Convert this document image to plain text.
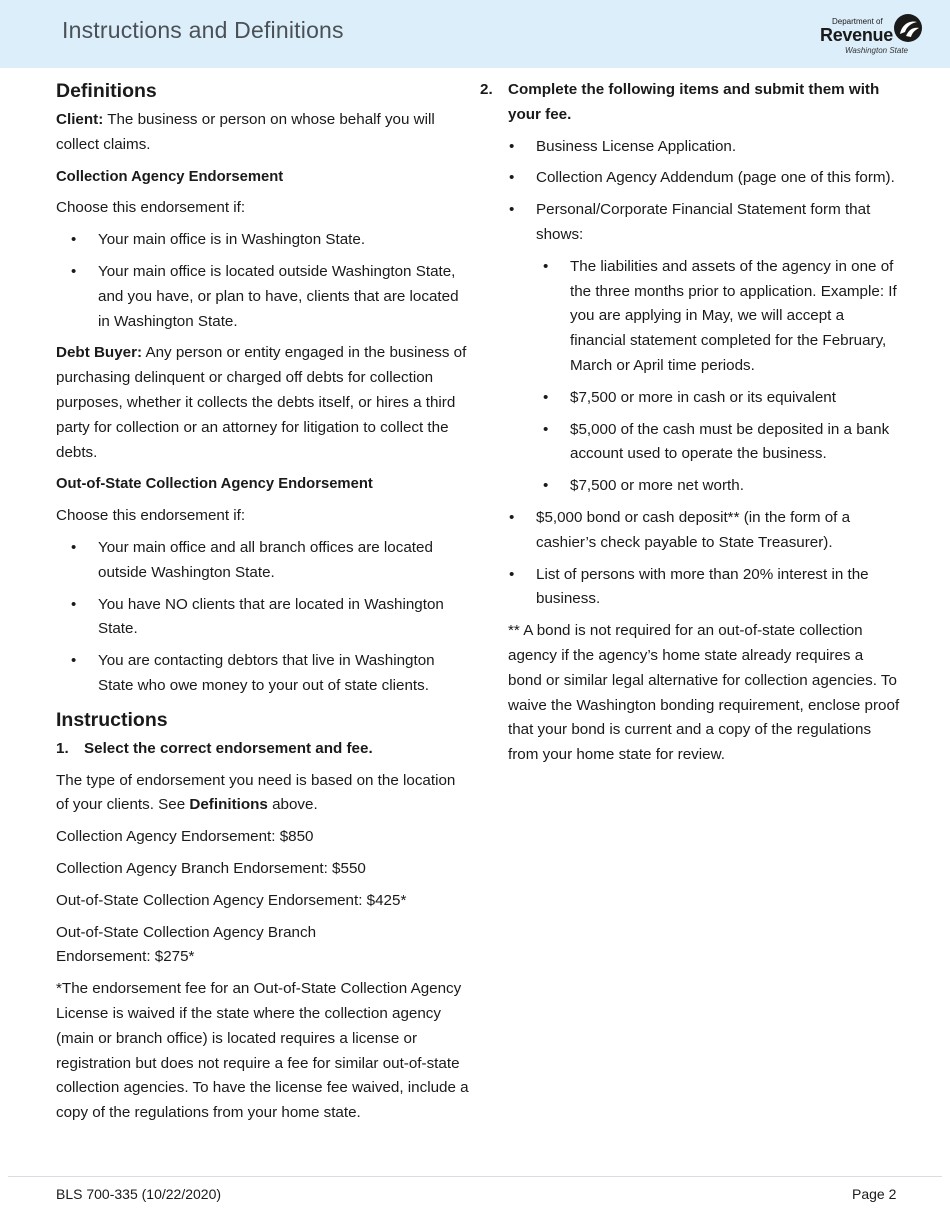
Instructions and Definitions	Department of
Revenue
Washington State
Definitions
Client: The business or person on whose behalf you will collect claims.
Collection Agency Endorsement
Choose this endorsement if:
• Your main office is in Washington State.
• Your main office is located outside Washington State, and you have, or plan to have, clients that are located in Washington State.
Debt Buyer: Any person or entity engaged in the business of purchasing delinquent or charged off debts for collection purposes, whether it collects the debts itself, or hires a third party for collection or an attorney for litigation to collect the debts.
Out-of-State Collection Agency Endorsement
Choose this endorsement if:
• Your main office and all branch offices are located outside Washington State.
• You have NO clients that are located in Washington State.
• You are contacting debtors that live in Washington State who owe money to your out of state clients.
Instructions
1. Select the correct endorsement and fee.
The type of endorsement you need is based on the location of your clients. See Definitions above.
Collection Agency Endorsement: $850
Collection Agency Branch Endorsement: $550
Out-of-State Collection Agency Endorsement: $425*
Out-of-State Collection Agency Branch Endorsement: $275*
*The endorsement fee for an Out-of-State Collection Agency License is waived if the state where the collection agency (main or branch office) is located requires a license or registration but does not require a fee for similar out-of-state collection agencies. To have the license fee waived, include a copy of the regulations from your home state.
2. Complete the following items and submit them with your fee.
• Business License Application.
• Collection Agency Addendum (page one of this form).
• Personal/Corporate Financial Statement form that shows:
• The liabilities and assets of the agency in one of the three months prior to application. Example: If you are applying in May, we will accept a financial statement completed for the February, March or April time periods.
• $7,500 or more in cash or its equivalent
• $5,000 of the cash must be deposited in a bank account used to operate the business.
• $7,500 or more net worth.
• $5,000 bond or cash deposit** (in the form of a cashier’s check payable to State Treasurer).
• List of persons with more than 20% interest in the business.
** A bond is not required for an out-of-state collection agency if the agency’s home state already requires a bond or similar legal alternative for collection agencies. To waive the Washington bonding requirement, enclose proof that your bond is current and a copy of the regulations from your home state for review.
BLS 700-335 (10/22/2020)	Page 2
